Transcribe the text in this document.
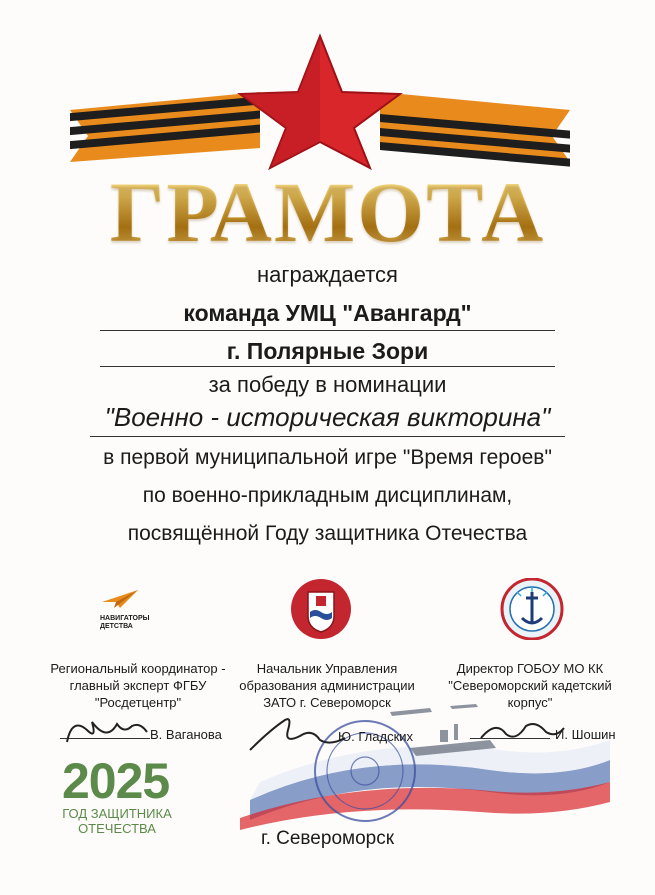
ГРАМОТА
награждается
команда УМЦ "Авангард"
г. Полярные Зори
за победу в номинации
"Военно - историческая викторина"
в первой муниципальной игре "Время героев"
по военно-прикладным дисциплинам,
посвящённой Году защитника Отечества
НАВИГАТОРЫ
ДЕТСТВА
Региональный координатор -
главный эксперт ФГБУ
"Росдетцентр"
В. Ваганова
Начальник Управления
образования администрации
ЗАТО г. Североморск
Ю. Гладских
Директор ГОБОУ МО КК
"Североморский кадетский
корпус"
И. Шошин
2025
ГОД ЗАЩИТНИКА
ОТЕЧЕСТВА	г. Североморск
